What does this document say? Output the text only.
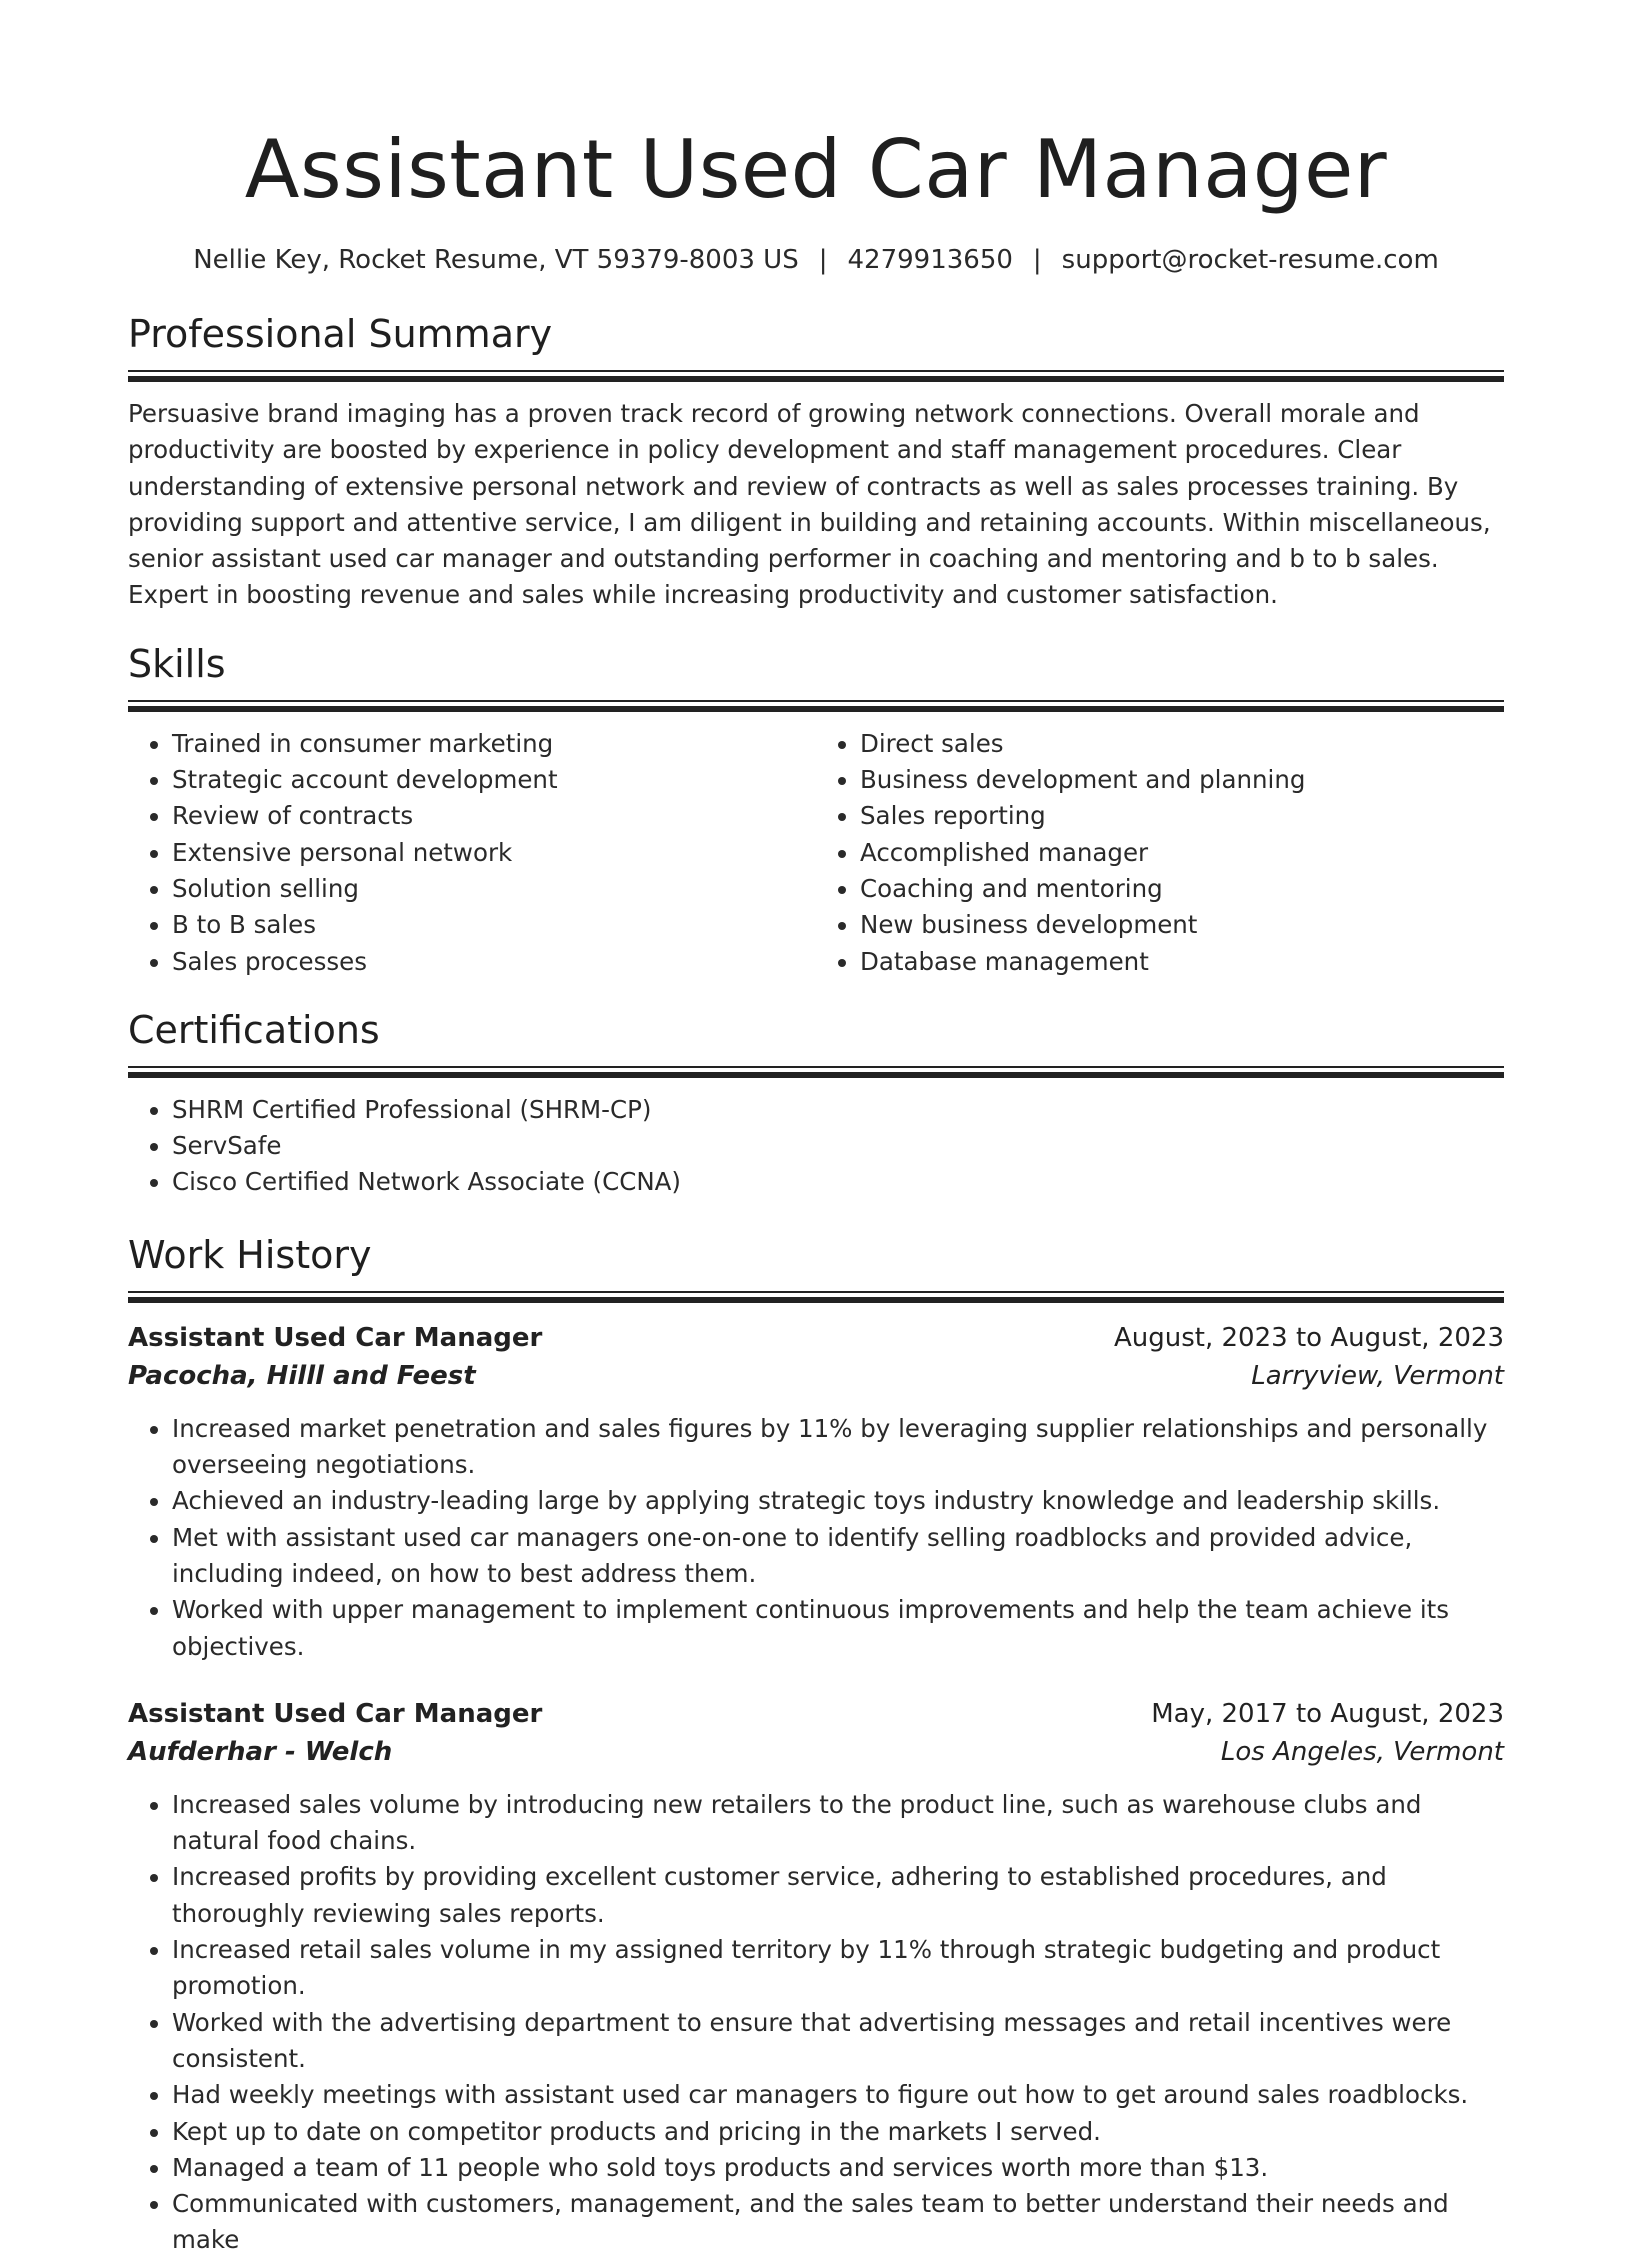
Assistant Used Car Manager
Nellie Key, Rocket Resume, VT 59379-8003 US | 4279913650 | support@rocket-resume.com
Professional Summary

Persuasive brand imaging has a proven track record of growing network connections. Overall morale and productivity are boosted by experience in policy development and staff management procedures. Clear understanding of extensive personal network and review of contracts as well as sales processes training. By providing support and attentive service, I am diligent in building and retaining accounts. Within miscellaneous, senior assistant used car manager and outstanding performer in coaching and mentoring and b to b sales. Expert in boosting revenue and sales while increasing productivity and customer satisfaction.

Skills
• Trained in consumer marketing
• Strategic account development
• Review of contracts
• Extensive personal network
• Solution selling
• B to B sales
• Sales processes
• Direct sales
• Business development and planning
• Sales reporting
• Accomplished manager
• Coaching and mentoring
• New business development
• Database management
Certifications
• SHRM Certified Professional (SHRM-CP)
• ServSafe
• Cisco Certified Network Associate (CCNA)
Work History
Assistant Used Car Manager	August, 2023 to August, 2023
Pacocha, Hilll and Feest	Larryview, Vermont
• Increased market penetration and sales figures by 11% by leveraging supplier relationships and personally overseeing negotiations.
• Achieved an industry-leading large by applying strategic toys industry knowledge and leadership skills.
• Met with assistant used car managers one-on-one to identify selling roadblocks and provided advice, including indeed, on how to best address them.
• Worked with upper management to implement continuous improvements and help the team achieve its objectives.
Assistant Used Car Manager	May, 2017 to August, 2023
Aufderhar - Welch	Los Angeles, Vermont
• Increased sales volume by introducing new retailers to the product line, such as warehouse clubs and natural food chains.
• Increased profits by providing excellent customer service, adhering to established procedures, and thoroughly reviewing sales reports.
• Increased retail sales volume in my assigned territory by 11% through strategic budgeting and product promotion.
• Worked with the advertising department to ensure that advertising messages and retail incentives were consistent.
• Had weekly meetings with assistant used car managers to figure out how to get around sales roadblocks.
• Kept up to date on competitor products and pricing in the markets I served.
• Managed a team of 11 people who sold toys products and services worth more than $13.
• Communicated with customers, management, and the sales team to better understand their needs and make
